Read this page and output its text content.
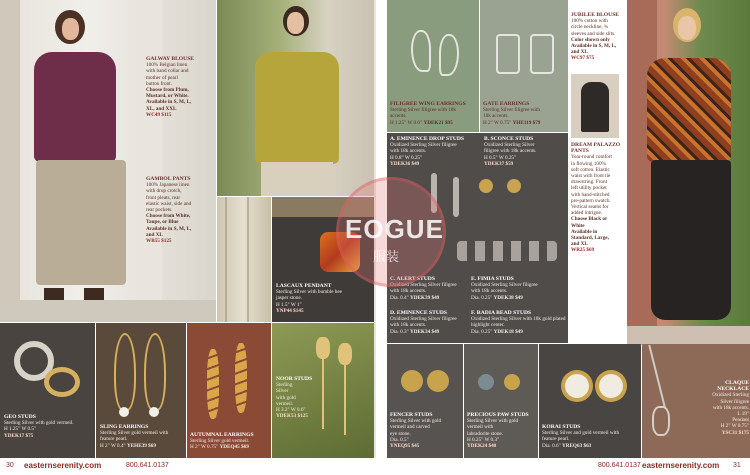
GALWAY BLOUSE
100% Belgian linen
with band collar and
mother of pearl
button front.
Choose from Plum,
Mustard, or White.
Available in S, M, L,
XL, and XXL
WC49 $115
GAMBOL PANTS
100% Japanese linen
with drop crotch,
front pleats, rear
elastic waist, side and
rear pockets.
Choose from White,
Taupe, or Blue
Available in S, M, L,
and XL
WB55 $125
LASCAUX PENDANT
Sterling Silver with bumble bee
jasper stone.
H 1.5" W 1"
YNP44 $145
GEO STUDS
Sterling Silver with gold vermeil.
H 1.25" W 0.5"
YDEK17 $75
SLING EARRINGS
Sterling Silver gold vermeil with
feature pearl.
H 2" W 0.4" YEHE39 $69
AUTUMNAL EARRINGS
Sterling Silver gold vermeil.
H 2" W 0.75" YDEQ45 $69
NOOR STUDS
Sterling
Silver
with gold
vermeil.
H 3.2" W 0.6"
YDEK53 $125
FILIGREE WING EARRINGS
Sterling Silver filigree with 18k
accents.
H 1.25" W 0.6" YDEK21 $95
GATE EARRINGS
Sterling Silver filigree with
18k accents.
H 2" W 0.75" YHE119 $79
JUBILEE BLOUSE
100% cotton with
circle neckline, ¾
sleeves and side slits.
Color shown only
Available in S, M, L,
and XL
WC97 $75
DREAM PALAZZO PANTS
Year-round comfort
in flowing 100%
soft cotton. Elastic
waist with front tie
drawstring. Front
left utility pocket
with hand-stitched
pre-pattern swatch.
Vertical seams for
added intrigue.
Choose Black or
White
Available in
Standard, Large,
and XL
WR25 $69
A. EMINENCE DROP STUDS
Oxidized Sterling Silver filigree
with 18k accents.
H 0.8" W 0.25"
YDEK36 $49
B. SCONCE STUDS
Oxidized Sterling Silver
filigree with 18k accents.
H 0.5" W 0.25"
YDEK37 $59
C. ALERT STUDS
Oxidized Sterling Silver filigree
with 18k accents.
Dia. 0.4" YDEK39 $49
E. FIMIA STUDS
Oxidized Sterling Silver filigree
with 18k accents.
Dia. 0.25" YDEK38 $49
D. EMINENCE STUDS
Oxidized Sterling Silver filigree
with 18k accents.
Dia. 0.3" YDEK34 $49
F. RADIA BEAD STUDS
Oxidized Sterling Silver with 18k gold plated
highlight center.
Dia. 0.25" YDEK18 $49
FENCER STUDS
Sterling Silver with gold
vermeil and carved
eye stone.
Dia. 0.5"
YNEQ95 $45
PRECIOUS PAW STUDS
Sterling Silver with gold
vermeil with
labradorite stone.
H 0.25" W 0.3"
YDEK24 $40
KORAI STUDS
Sterling Silver and gold vermeil with
feature pearl.
Dia. 0.6" YREQ63 $63
CLAQUE NECKLACE
Oxidized Sterling
Silver filigree
with 18k accents.
L 19"
Pendant
H 2" W 0.75"
YSC31 $175
EOGUE
服装
30 easternserenity.com	800.641.0137	800.641.0137 easternserenity.com 31
